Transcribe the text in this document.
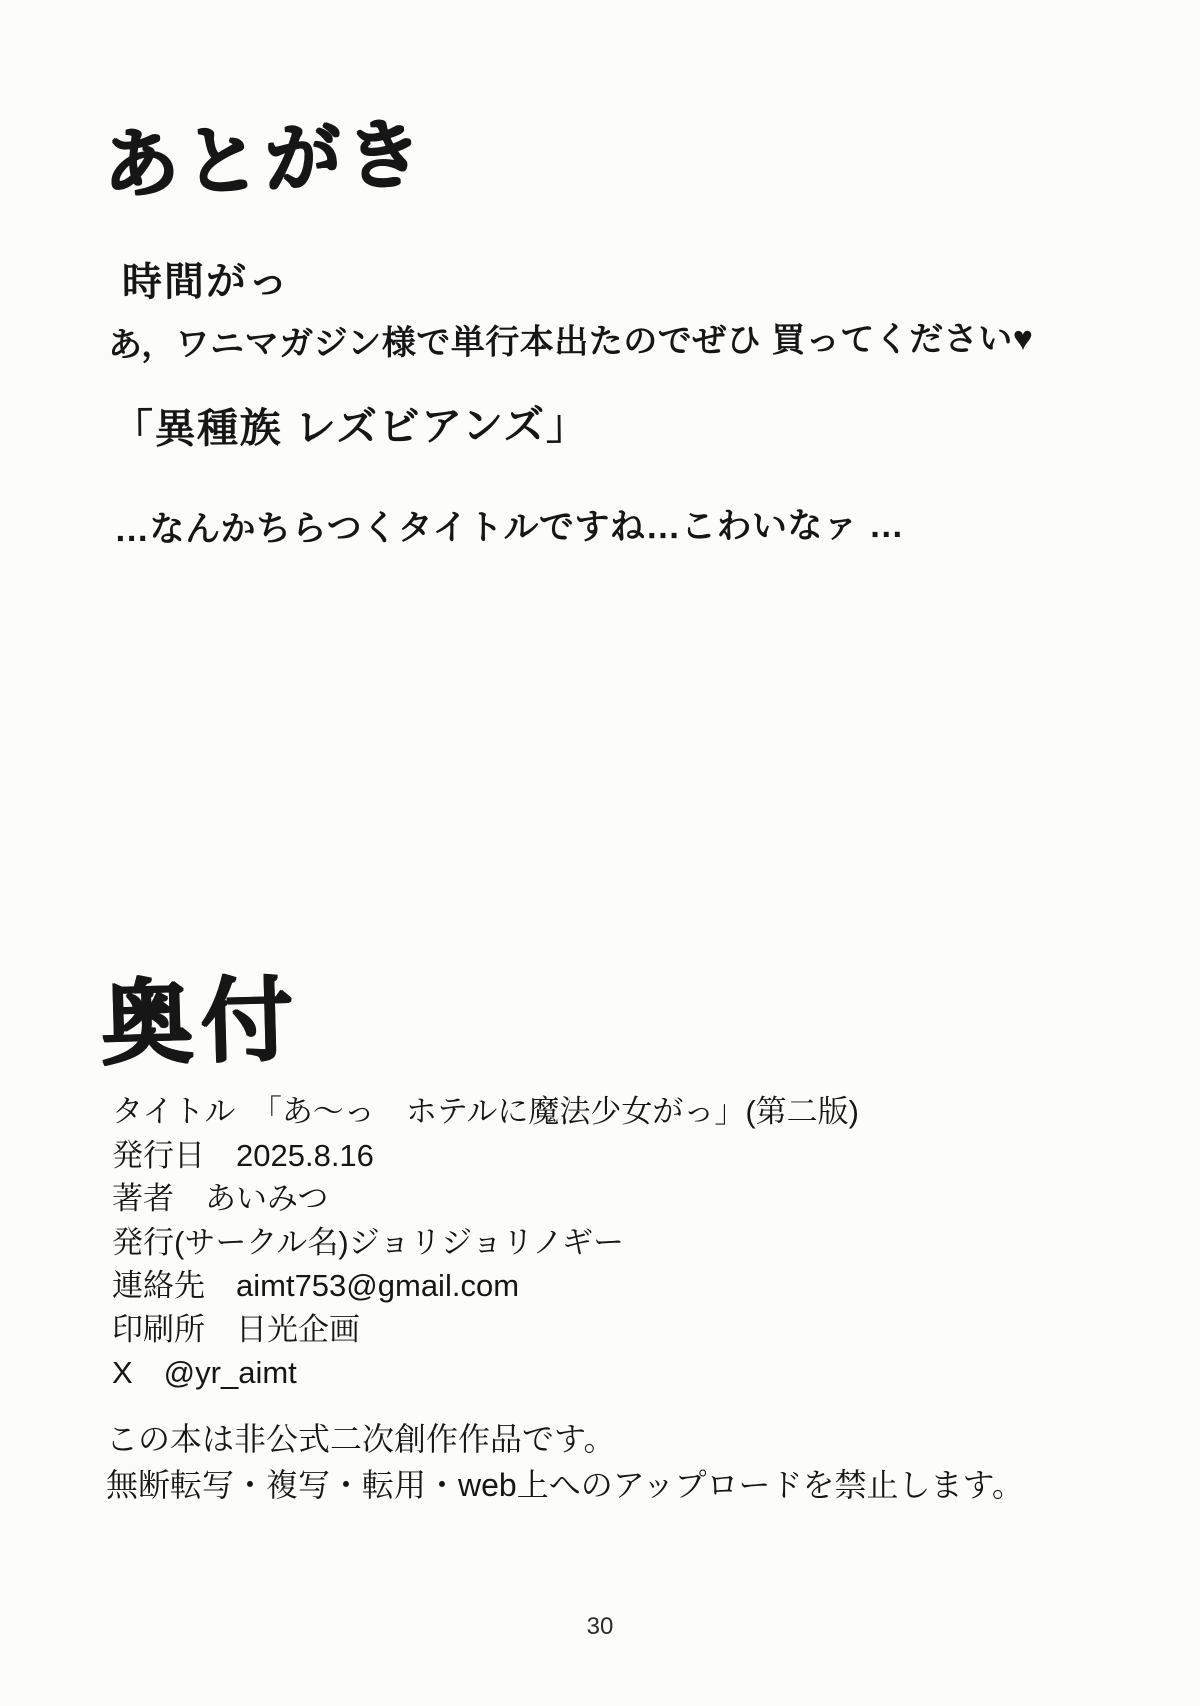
あとがき

時間がっ

あ，ワニマガジン様で単行本出たのでぜひ 買ってください♥

「異種族 レズビアンズ」

…なんかちらつくタイトルですね…こわいなァ …

奥付

タイトル　「あ～っ　ホテルに魔法少女がっ」(第二版)

発行日　2025.8.16

著者　あいみつ

発行(サークル名)ジョリジョリノギー

連絡先　aimt753@gmail.com

印刷所　日光企画

X　@yr_aimt

この本は非公式二次創作作品です。

無断転写・複写・転用・web上へのアップロードを禁止します。

30
